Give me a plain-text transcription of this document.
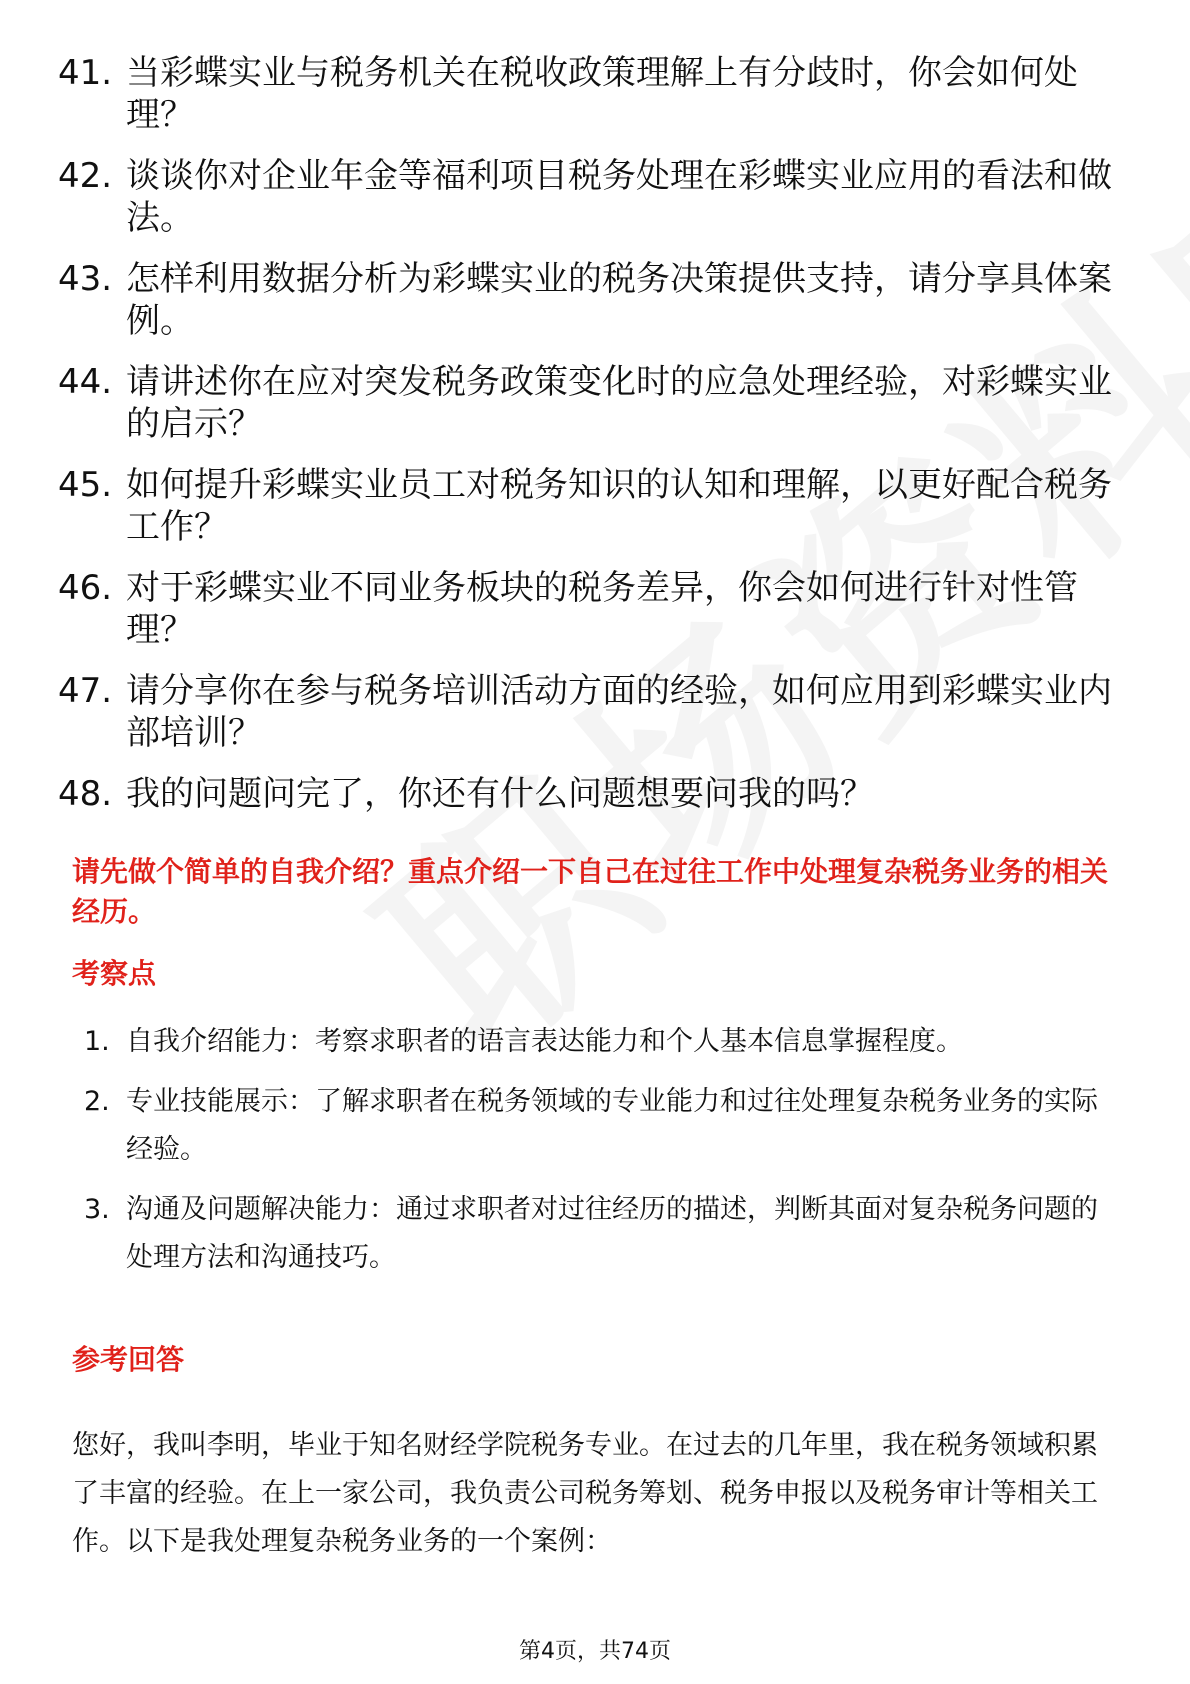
41. 当彩蝶实业与税务机关在税收政策理解上有分歧时，你会如何处理？
42. 谈谈你对企业年金等福利项目税务处理在彩蝶实业应用的看法和做法。
43. 怎样利用数据分析为彩蝶实业的税务决策提供支持，请分享具体案例。
44. 请讲述你在应对突发税务政策变化时的应急处理经验，对彩蝶实业的启示？
45. 如何提升彩蝶实业员工对税务知识的认知和理解，以更好配合税务工作？
46. 对于彩蝶实业不同业务板块的税务差异，你会如何进行针对性管理？
47. 请分享你在参与税务培训活动方面的经验，如何应用到彩蝶实业内部培训？
48. 我的问题问完了，你还有什么问题想要问我的吗？
请先做个简单的自我介绍？重点介绍一下自己在过往工作中处理复杂税务业务的相关经历。
考察点
1. 自我介绍能力：考察求职者的语言表达能力和个人基本信息掌握程度。
2. 专业技能展示：了解求职者在税务领域的专业能力和过往处理复杂税务业务的实际经验。
3. 沟通及问题解决能力：通过求职者对过往经历的描述，判断其面对复杂税务问题的处理方法和沟通技巧。
参考回答
您好，我叫李明，毕业于知名财经学院税务专业。在过去的几年里，我在税务领域积累了丰富的经验。在上一家公司，我负责公司税务筹划、税务申报以及税务审计等相关工作。以下是我处理复杂税务业务的一个案例：
第4页，共74页
